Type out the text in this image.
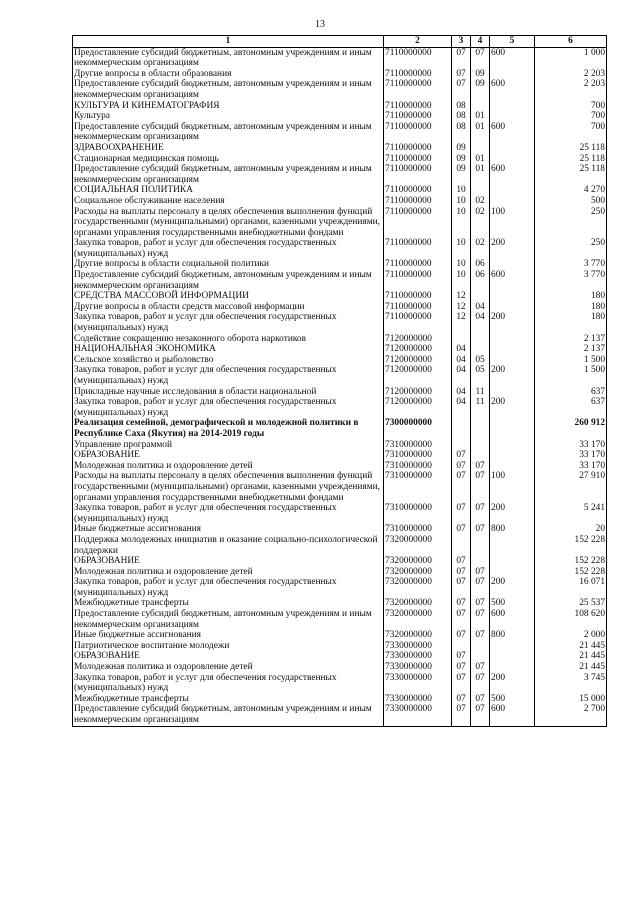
13
1	2	3	4	5	6
Предоставление субсидий бюджетным, автономным учреждениям и иным некоммерческим организациям	7110000000	07	07	600	1 000
Другие вопросы в области образования	7110000000	07	09		2 203
Предоставление субсидий бюджетным, автономным учреждениям и иным некоммерческим организациям	7110000000	07	09	600	2 203
КУЛЬТУРА И КИНЕМАТОГРАФИЯ	7110000000	08			700
Культура	7110000000	08	01		700
Предоставление субсидий бюджетным, автономным учреждениям и иным некоммерческим организациям	7110000000	08	01	600	700
ЗДРАВООХРАНЕНИЕ	7110000000	09			25 118
Стационарная медицинская помощь	7110000000	09	01		25 118
Предоставление субсидий бюджетным, автономным учреждениям и иным некоммерческим организациям	7110000000	09	01	600	25 118
СОЦИАЛЬНАЯ ПОЛИТИКА	7110000000	10			4 270
Социальное обслуживание населения	7110000000	10	02		500
Расходы на выплаты персоналу в целях обеспечения выполнения функций государственными (муниципальными) органами, казенными учреждениями, органами управления государственными внебюджетными фондами	7110000000	10	02	100	250
Закупка товаров, работ и услуг для обеспечения государственных (муниципальных) нужд	7110000000	10	02	200	250
Другие вопросы в области социальной политики	7110000000	10	06		3 770
Предоставление субсидий бюджетным, автономным учреждениям и иным некоммерческим организациям	7110000000	10	06	600	3 770
СРЕДСТВА МАССОВОЙ ИНФОРМАЦИИ	7110000000	12			180
Другие вопросы в области средств массовой информации	7110000000	12	04		180
Закупка товаров, работ и услуг для обеспечения государственных (муниципальных) нужд	7110000000	12	04	200	180
Содействие сокращению незаконного оборота наркотиков	7120000000				2 137
НАЦИОНАЛЬНАЯ ЭКОНОМИКА	7120000000	04			2 137
Сельское хозяйство и рыболовство	7120000000	04	05		1 500
Закупка товаров, работ и услуг для обеспечения государственных (муниципальных) нужд	7120000000	04	05	200	1 500
Прикладные научные исследования в области национальной	7120000000	04	11		637
Закупка товаров, работ и услуг для обеспечения государственных (муниципальных) нужд	7120000000	04	11	200	637
Реализация семейной, демографической и молодежной политики в Республике Саха (Якутия) на 2014-2019 годы	7300000000				260 912
Управление программой	7310000000				33 170
ОБРАЗОВАНИЕ	7310000000	07			33 170
Молодежная политика и оздоровление детей	7310000000	07	07		33 170
Расходы на выплаты персоналу в целях обеспечения выполнения функций государственными (муниципальными) органами, казенными учреждениями, органами управления государственными внебюджетными фондами	7310000000	07	07	100	27 910
Закупка товаров, работ и услуг для обеспечения государственных (муниципальных) нужд	7310000000	07	07	200	5 241
Иные бюджетные ассигнования	7310000000	07	07	800	20
Поддержка молодежных инициатив и оказание социально-психологической поддержки	7320000000				152 228
ОБРАЗОВАНИЕ	7320000000	07			152 228
Молодежная политика и оздоровление детей	7320000000	07	07		152 228
Закупка товаров, работ и услуг для обеспечения государственных (муниципальных) нужд	7320000000	07	07	200	16 071
Межбюджетные трансферты	7320000000	07	07	500	25 537
Предоставление субсидий бюджетным, автономным учреждениям и иным некоммерческим организациям	7320000000	07	07	600	108 620
Иные бюджетные ассигнования	7320000000	07	07	800	2 000
Патриотическое воспитание молодежи	7330000000				21 445
ОБРАЗОВАНИЕ	7330000000	07			21 445
Молодежная политика и оздоровление детей	7330000000	07	07		21 445
Закупка товаров, работ и услуг для обеспечения государственных (муниципальных) нужд	7330000000	07	07	200	3 745
Межбюджетные трансферты	7330000000	07	07	500	15 000
Предоставление субсидий бюджетным, автономным учреждениям и иным некоммерческим организациям	7330000000	07	07	600	2 700
